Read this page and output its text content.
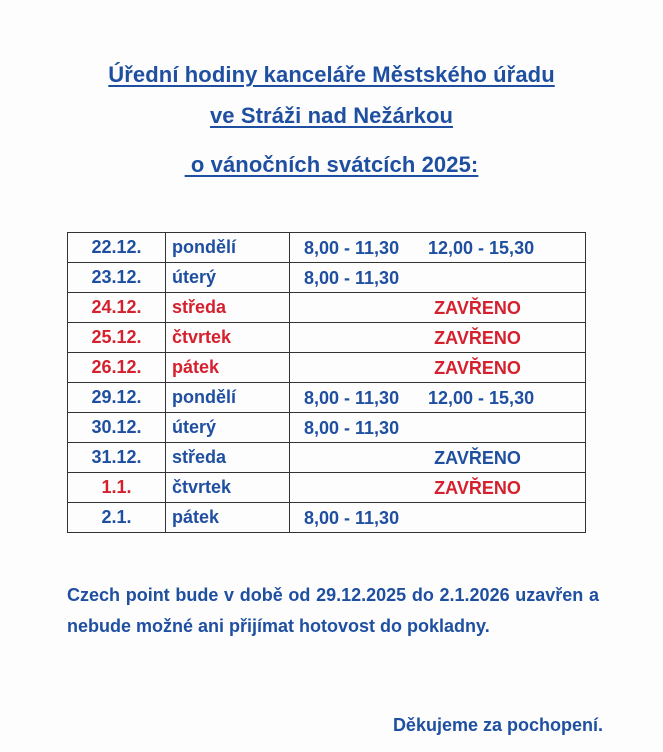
Úřední hodiny kanceláře Městského úřadu
ve Stráži nad Nežárkou
o vánočních svátcích 2025:
22.12.	pondělí	8,00 - 11,30 12,00 - 15,30

23.12.	úterý	8,00 - 11,30

24.12.	středa	ZAVŘENO

25.12.	čtvrtek	ZAVŘENO

26.12.	pátek	ZAVŘENO

29.12.	pondělí	8,00 - 11,30 12,00 - 15,30

30.12.	úterý	8,00 - 11,30

31.12.	středa	ZAVŘENO

1.1.	čtvrtek	ZAVŘENO

2.1.	pátek	8,00 - 11,30
Czech point bude v době od 29.12.2025 do 2.1.2026 uzavřen a nebude možné ani přijímat hotovost do pokladny.
Děkujeme za pochopení.
